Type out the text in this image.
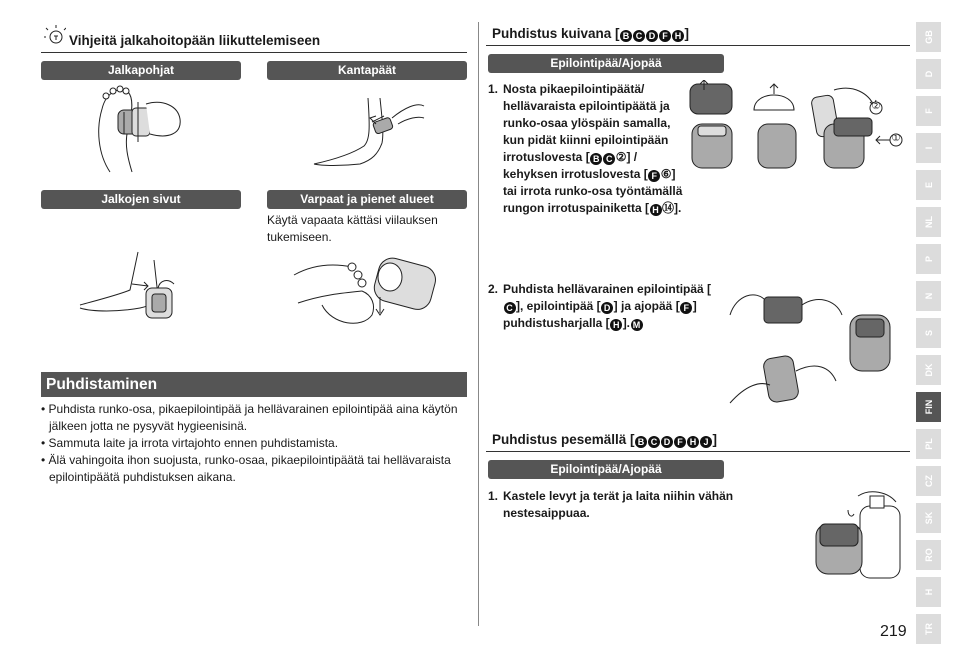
Vihjeitä jalkahoitopään liikuttelemiseen
Jalkapohjat	Kantapäät
Jalkojen sivut	Varpaat ja pienet alueet
Käytä vapaata kättäsi viilauksen tukemiseen.
Puhdistaminen
• Puhdista runko-osa, pikaepilointipää ja hellävarainen epilointipää aina käytön jälkeen jotta ne pysyvät hygieenisinä.
• Sammuta laite ja irrota virtajohto ennen puhdistamista.
• Älä vahingoita ihon suojusta, runko-osaa, pikaepilointipäätä tai hellävaraista epilointipäätä puhdistuksen aikana.
Puhdistus kuivana [ B C D F H ]
Epilointipää/Ajopää
1. Nosta pikaepilointipäätä/ hellävaraista epilointipäätä ja runko-osaa ylöspäin samalla, kun pidät kiinni epilointipään irrotuslovesta [ B C ②] / kehyksen irrotuslovesta [ F ⑥] tai irrota runko-osa työntämällä rungon irrotuspainiketta [ H ⑭].
②
①
2. Puhdista hellävarainen epilointipää [C ], epilointipää [ D ] ja ajopää [ F ] puhdistusharjalla [ H ]. M
Puhdistus pesemällä [ B C D F H J ]
Epilointipää/Ajopää
1. Kastele levyt ja terät ja laita niihin vähän nestesaippuaa.
219
GB
D
F
I
E
NL
P
N
S
DK
FIN
PL
CZ
SK
RO
H
TR
